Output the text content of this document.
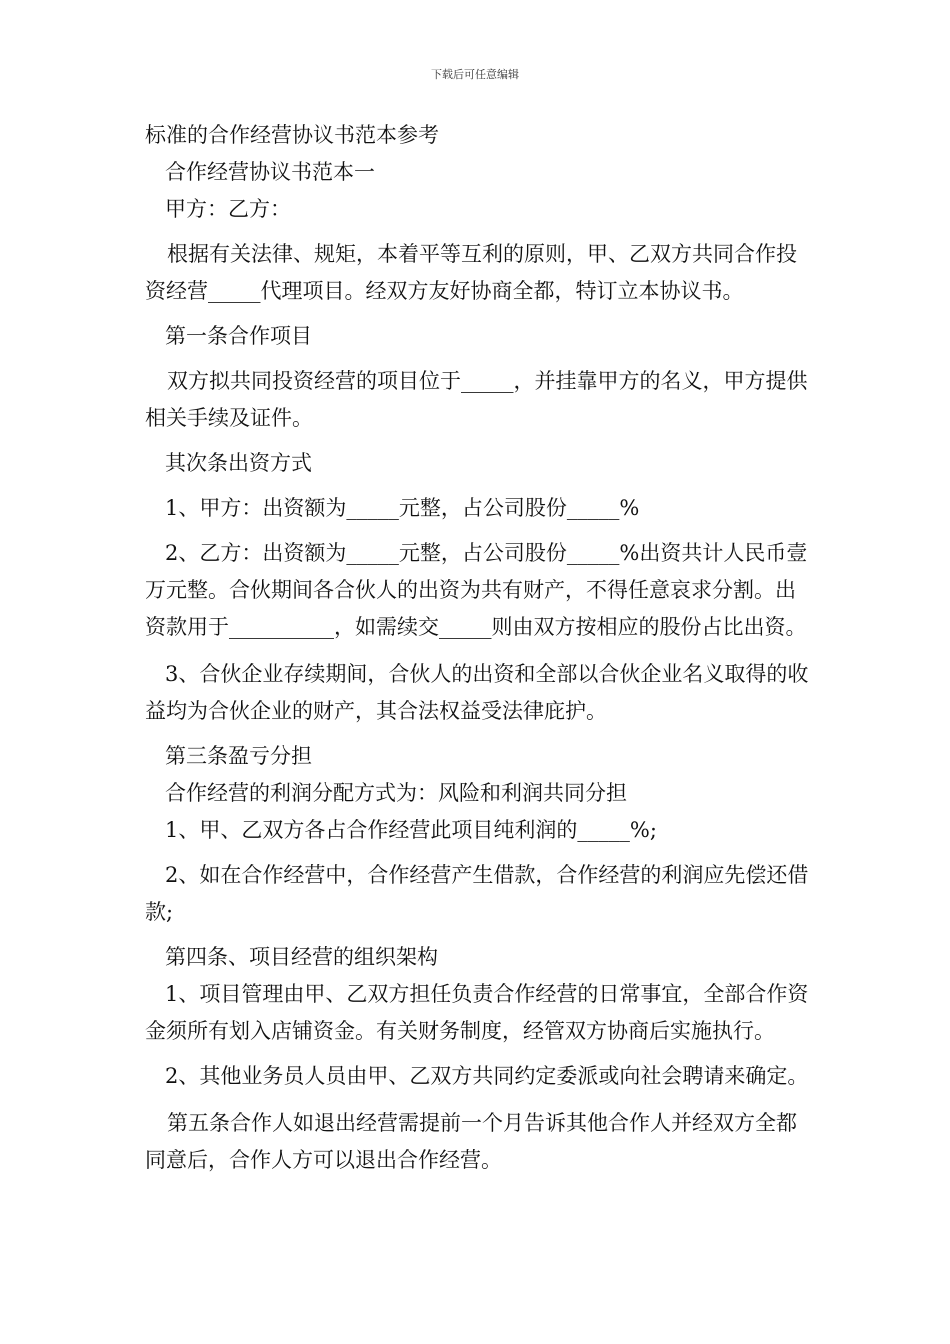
下载后可任意编辑

标准的合作经营协议书范本参考

合作经营协议书范本一

甲方：乙方：

根据有关法律、规矩，本着平等互利的原则，甲、乙双方共同合作投资经营_____代理项目。经双方友好协商全都，特订立本协议书。

第一条合作项目

双方拟共同投资经营的项目位于_____，并挂靠甲方的名义，甲方提供相关手续及证件。

其次条出资方式

1、甲方：出资额为_____元整，占公司股份_____%

2、乙方：出资额为_____元整，占公司股份_____%出资共计人民币壹万元整。合伙期间各合伙人的出资为共有财产，不得任意哀求分割。出资款用于__________，如需续交_____则由双方按相应的股份占比出资。

3、合伙企业存续期间，合伙人的出资和全部以合伙企业名义取得的收益均为合伙企业的财产，其合法权益受法律庇护。

第三条盈亏分担

合作经营的利润分配方式为：风险和利润共同分担

1、甲、乙双方各占合作经营此项目纯利润的_____%;

2、如在合作经营中，合作经营产生借款，合作经营的利润应先偿还借款;

第四条、项目经营的组织架构

1、项目管理由甲、乙双方担任负责合作经营的日常事宜，全部合作资金须所有划入店铺资金。有关财务制度，经管双方协商后实施执行。

2、其他业务员人员由甲、乙双方共同约定委派或向社会聘请来确定。

第五条合作人如退出经营需提前一个月告诉其他合作人并经双方全都同意后，合作人方可以退出合作经营。
